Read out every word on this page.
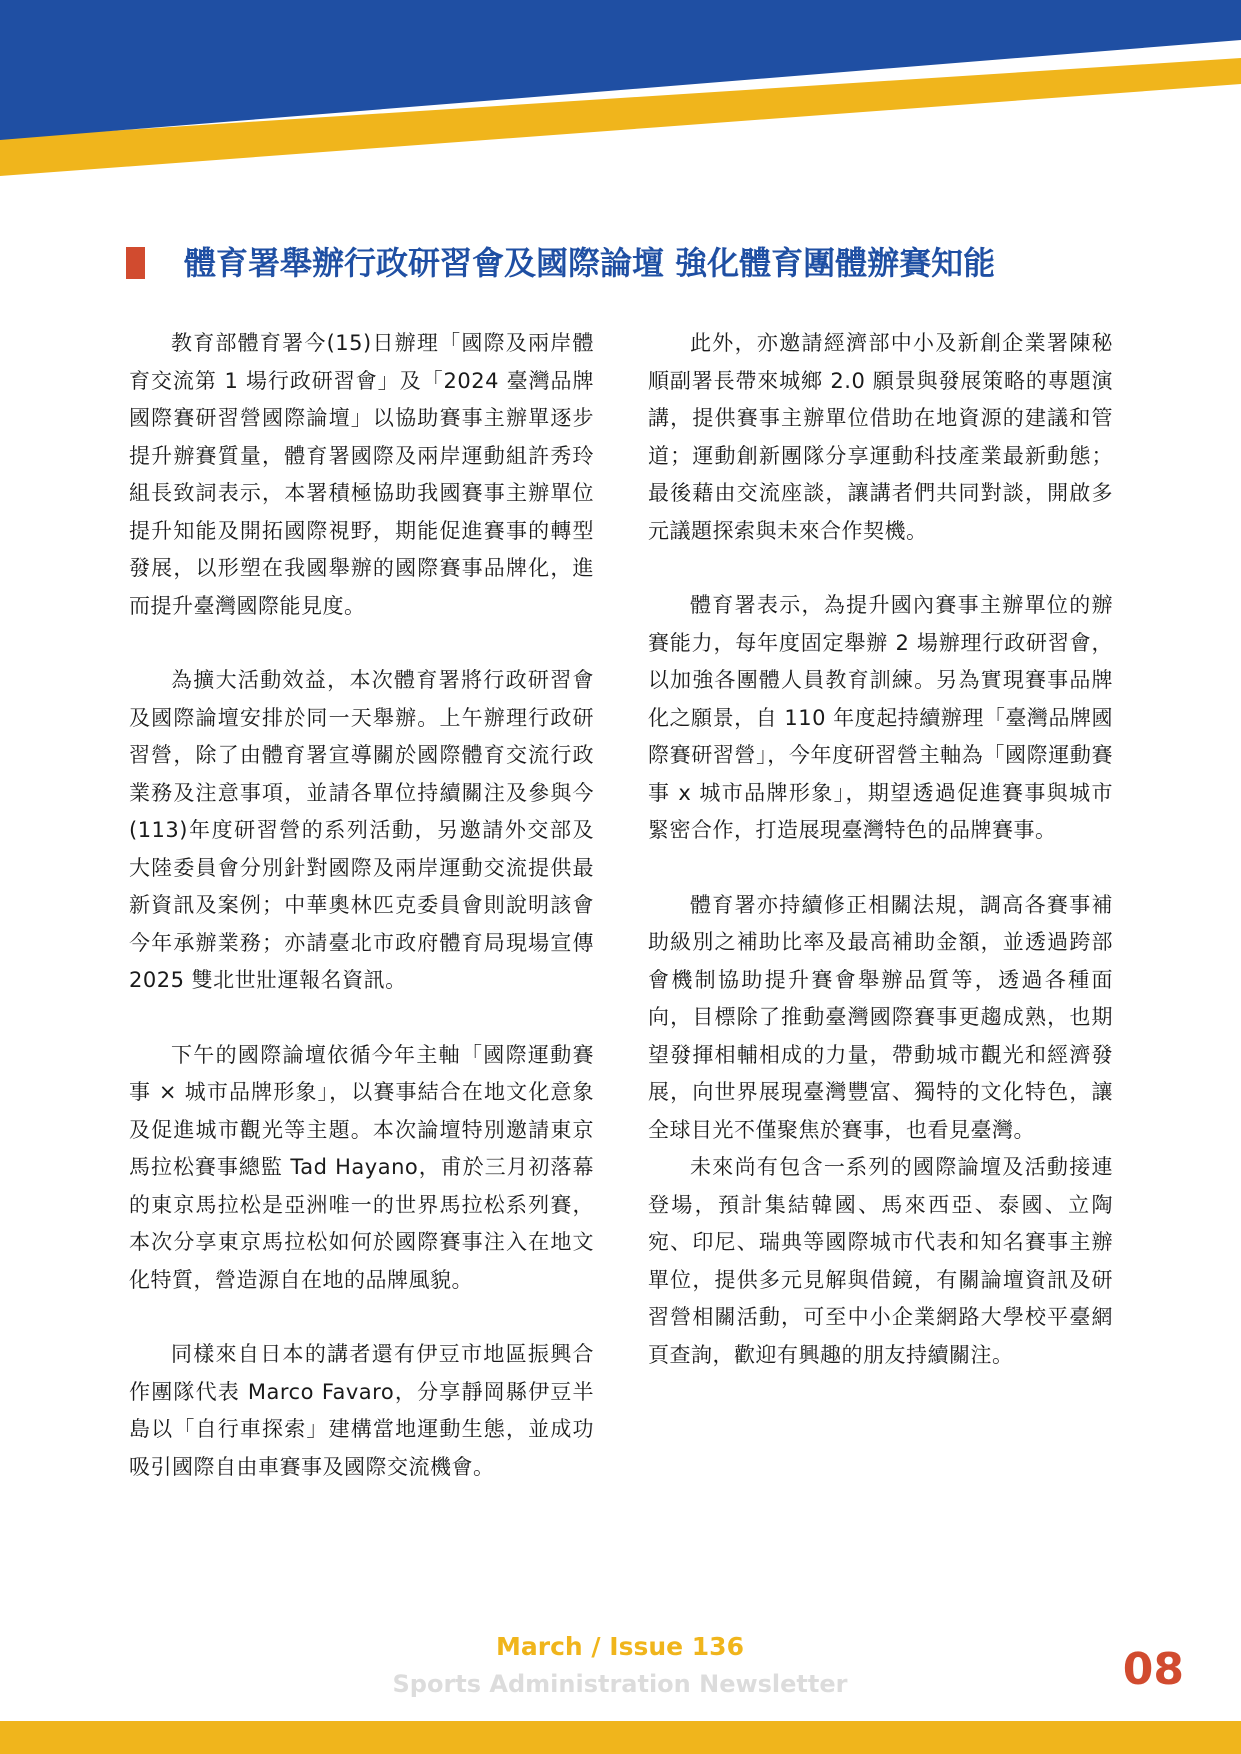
體育署舉辦行政研習會及國際論壇 強化體育團體辦賽知能

教育部體育署今(15)日辦理「國際及兩岸體育交流第 1 場行政研習會」及「2024 臺灣品牌國際賽研習營國際論壇」以協助賽事主辦單逐步提升辦賽質量，體育署國際及兩岸運動組許秀玲組長致詞表示，本署積極協助我國賽事主辦單位提升知能及開拓國際視野，期能促進賽事的轉型發展，以形塑在我國舉辦的國際賽事品牌化，進而提升臺灣國際能見度。

為擴大活動效益，本次體育署將行政研習會及國際論壇安排於同一天舉辦。上午辦理行政研習營，除了由體育署宣導關於國際體育交流行政業務及注意事項，並請各單位持續關注及參與今(113)年度研習營的系列活動，另邀請外交部及大陸委員會分別針對國際及兩岸運動交流提供最新資訊及案例；中華奧林匹克委員會則說明該會今年承辦業務；亦請臺北市政府體育局現場宣傳 2025 雙北世壯運報名資訊。

下午的國際論壇依循今年主軸「國際運動賽事 × 城市品牌形象」，以賽事結合在地文化意象及促進城市觀光等主題。本次論壇特別邀請東京馬拉松賽事總監 Tad Hayano，甫於三月初落幕的東京馬拉松是亞洲唯一的世界馬拉松系列賽，本次分享東京馬拉松如何於國際賽事注入在地文化特質，營造源自在地的品牌風貌。

同樣來自日本的講者還有伊豆市地區振興合作團隊代表 Marco Favaro，分享靜岡縣伊豆半島以「自行車探索」建構當地運動生態，並成功吸引國際自由車賽事及國際交流機會。

此外，亦邀請經濟部中小及新創企業署陳秘順副署長帶來城鄉 2.0 願景與發展策略的專題演講，提供賽事主辦單位借助在地資源的建議和管道；運動創新團隊分享運動科技產業最新動態；最後藉由交流座談，讓講者們共同對談，開啟多元議題探索與未來合作契機。

體育署表示，為提升國內賽事主辦單位的辦賽能力，每年度固定舉辦 2 場辦理行政研習會，以加強各團體人員教育訓練。另為實現賽事品牌化之願景，自 110 年度起持續辦理「臺灣品牌國際賽研習營」，今年度研習營主軸為「國際運動賽事 x 城市品牌形象」，期望透過促進賽事與城市緊密合作，打造展現臺灣特色的品牌賽事。

體育署亦持續修正相關法規，調高各賽事補助級別之補助比率及最高補助金額，並透過跨部會機制協助提升賽會舉辦品質等，透過各種面向，目標除了推動臺灣國際賽事更趨成熟，也期望發揮相輔相成的力量，帶動城市觀光和經濟發展，向世界展現臺灣豐富、獨特的文化特色，讓全球目光不僅聚焦於賽事，也看見臺灣。

未來尚有包含一系列的國際論壇及活動接連登場，預計集結韓國、馬來西亞、泰國、立陶宛、印尼、瑞典等國際城市代表和知名賽事主辦單位，提供多元見解與借鏡，有關論壇資訊及研習營相關活動，可至中小企業網路大學校平臺網頁查詢，歡迎有興趣的朋友持續關注。

March / Issue 136

Sports Administration Newsletter	08
